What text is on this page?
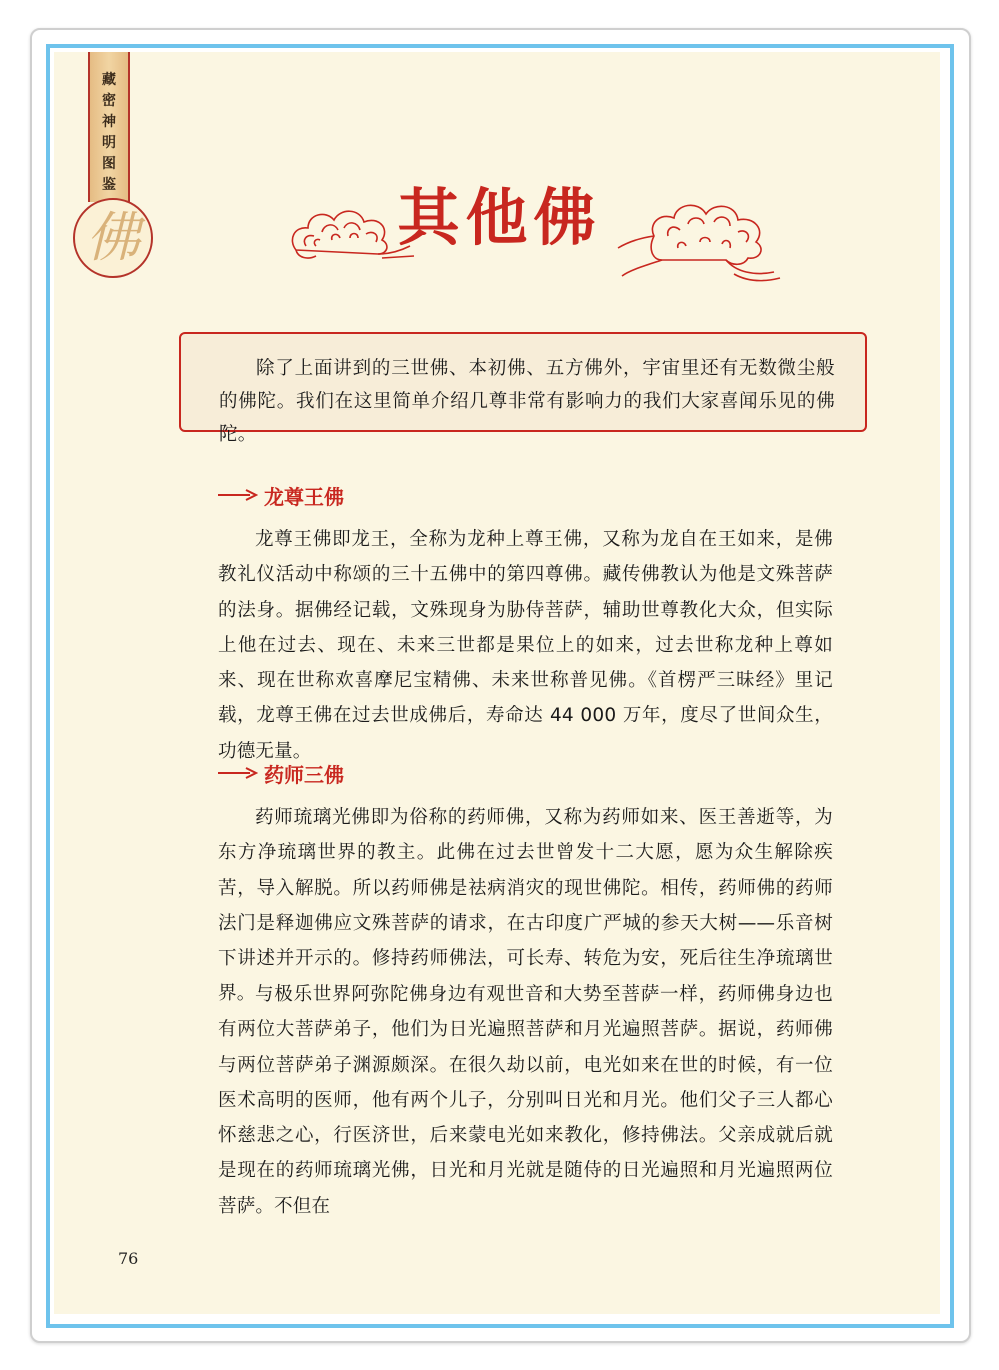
藏
密
神
明
图
鉴
佛	其他佛

除了上面讲到的三世佛、本初佛、五方佛外，宇宙里还有无数微尘般的佛陀。我们在这里简单介绍几尊非常有影响力的我们大家喜闻乐见的佛陀。

龙尊王佛

龙尊王佛即龙王，全称为龙种上尊王佛，又称为龙自在王如来，是佛教礼仪活动中称颂的三十五佛中的第四尊佛。藏传佛教认为他是文殊菩萨的法身。据佛经记载，文殊现身为胁侍菩萨，辅助世尊教化大众，但实际上他在过去、现在、未来三世都是果位上的如来，过去世称龙种上尊如来、现在世称欢喜摩尼宝精佛、未来世称普见佛。《首楞严三昧经》里记载，龙尊王佛在过去世成佛后，寿命达 44 000 万年，度尽了世间众生，功德无量。

药师三佛

药师琉璃光佛即为俗称的药师佛，又称为药师如来、医王善逝等，为东方净琉璃世界的教主。此佛在过去世曾发十二大愿，愿为众生解除疾苦，导入解脱。所以药师佛是祛病消灾的现世佛陀。相传，药师佛的药师法门是释迦佛应文殊菩萨的请求，在古印度广严城的参天大树——乐音树下讲述并开示的。修持药师佛法，可长寿、转危为安，死后往生净琉璃世界。 与极乐世界阿弥陀佛身边有观世音和大势至菩萨一样，药师佛身边也有两位大菩萨弟子，他们为日光遍照菩萨和月光遍照菩萨。据说，药师佛与两位菩萨弟子渊源颇深。在很久劫以前，电光如来在世的时候，有一位医术高明的医师，他有两个儿子，分别叫日光和月光。他们父子三人都心怀慈悲之心，行医济世，后来蒙电光如来教化，修持佛法。父亲成就后就是现在的药师琉璃光佛，日光和月光就是随侍的日光遍照和月光遍照两位菩萨。不但在

76
